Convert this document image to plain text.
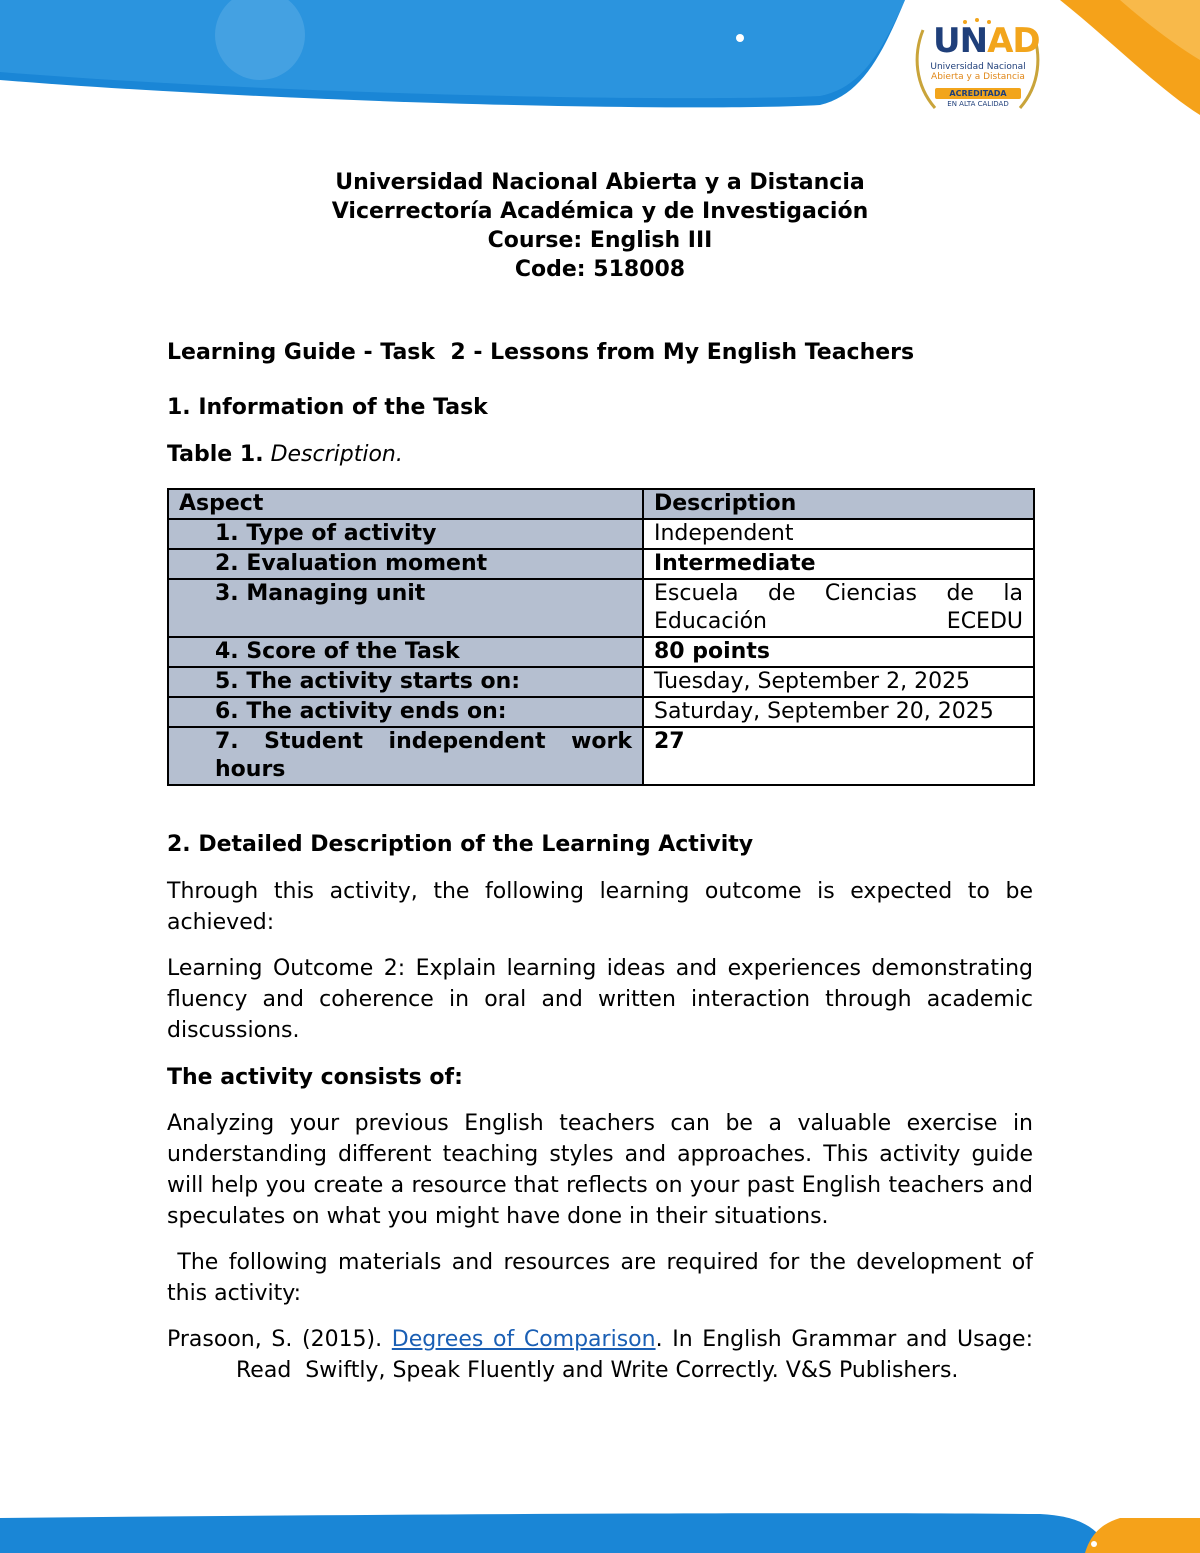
UNAD
Universidad Nacional
Abierta y a Distancia
ACREDITADA
EN ALTA CALIDAD
Universidad Nacional Abierta y a Distancia
Vicerrectoría Académica y de Investigación
Course: English III
Code: 518008
Learning Guide - Task  2 - Lessons from My English Teachers
1. Information of the Task
Table 1. Description.
Aspect	Description
1. Type of activity	Independent
2. Evaluation moment	Intermediate
3. Managing unit	Escuela de Ciencias de la Educación ECEDU
4. Score of the Task	80 points
5. The activity starts on:	Tuesday, September 2, 2025
6. The activity ends on:	Saturday, September 20, 2025
7. Student independent work hours	27
2. Detailed Description of the Learning Activity
Through this activity, the following learning outcome is expected to be achieved:
Learning Outcome 2: Explain learning ideas and experiences demonstrating fluency and coherence in oral and written interaction through academic discussions.
The activity consists of:
Analyzing your previous English teachers can be a valuable exercise in understanding different teaching styles and approaches. This activity guide will help you create a resource that reflects on your past English teachers and speculates on what you might have done in their situations.
The following materials and resources are required for the development of this activity:
Prasoon, S. (2015). Degrees of Comparison. In English Grammar and Usage: Read  Swiftly, Speak Fluently and Write Correctly. V&S Publishers.
